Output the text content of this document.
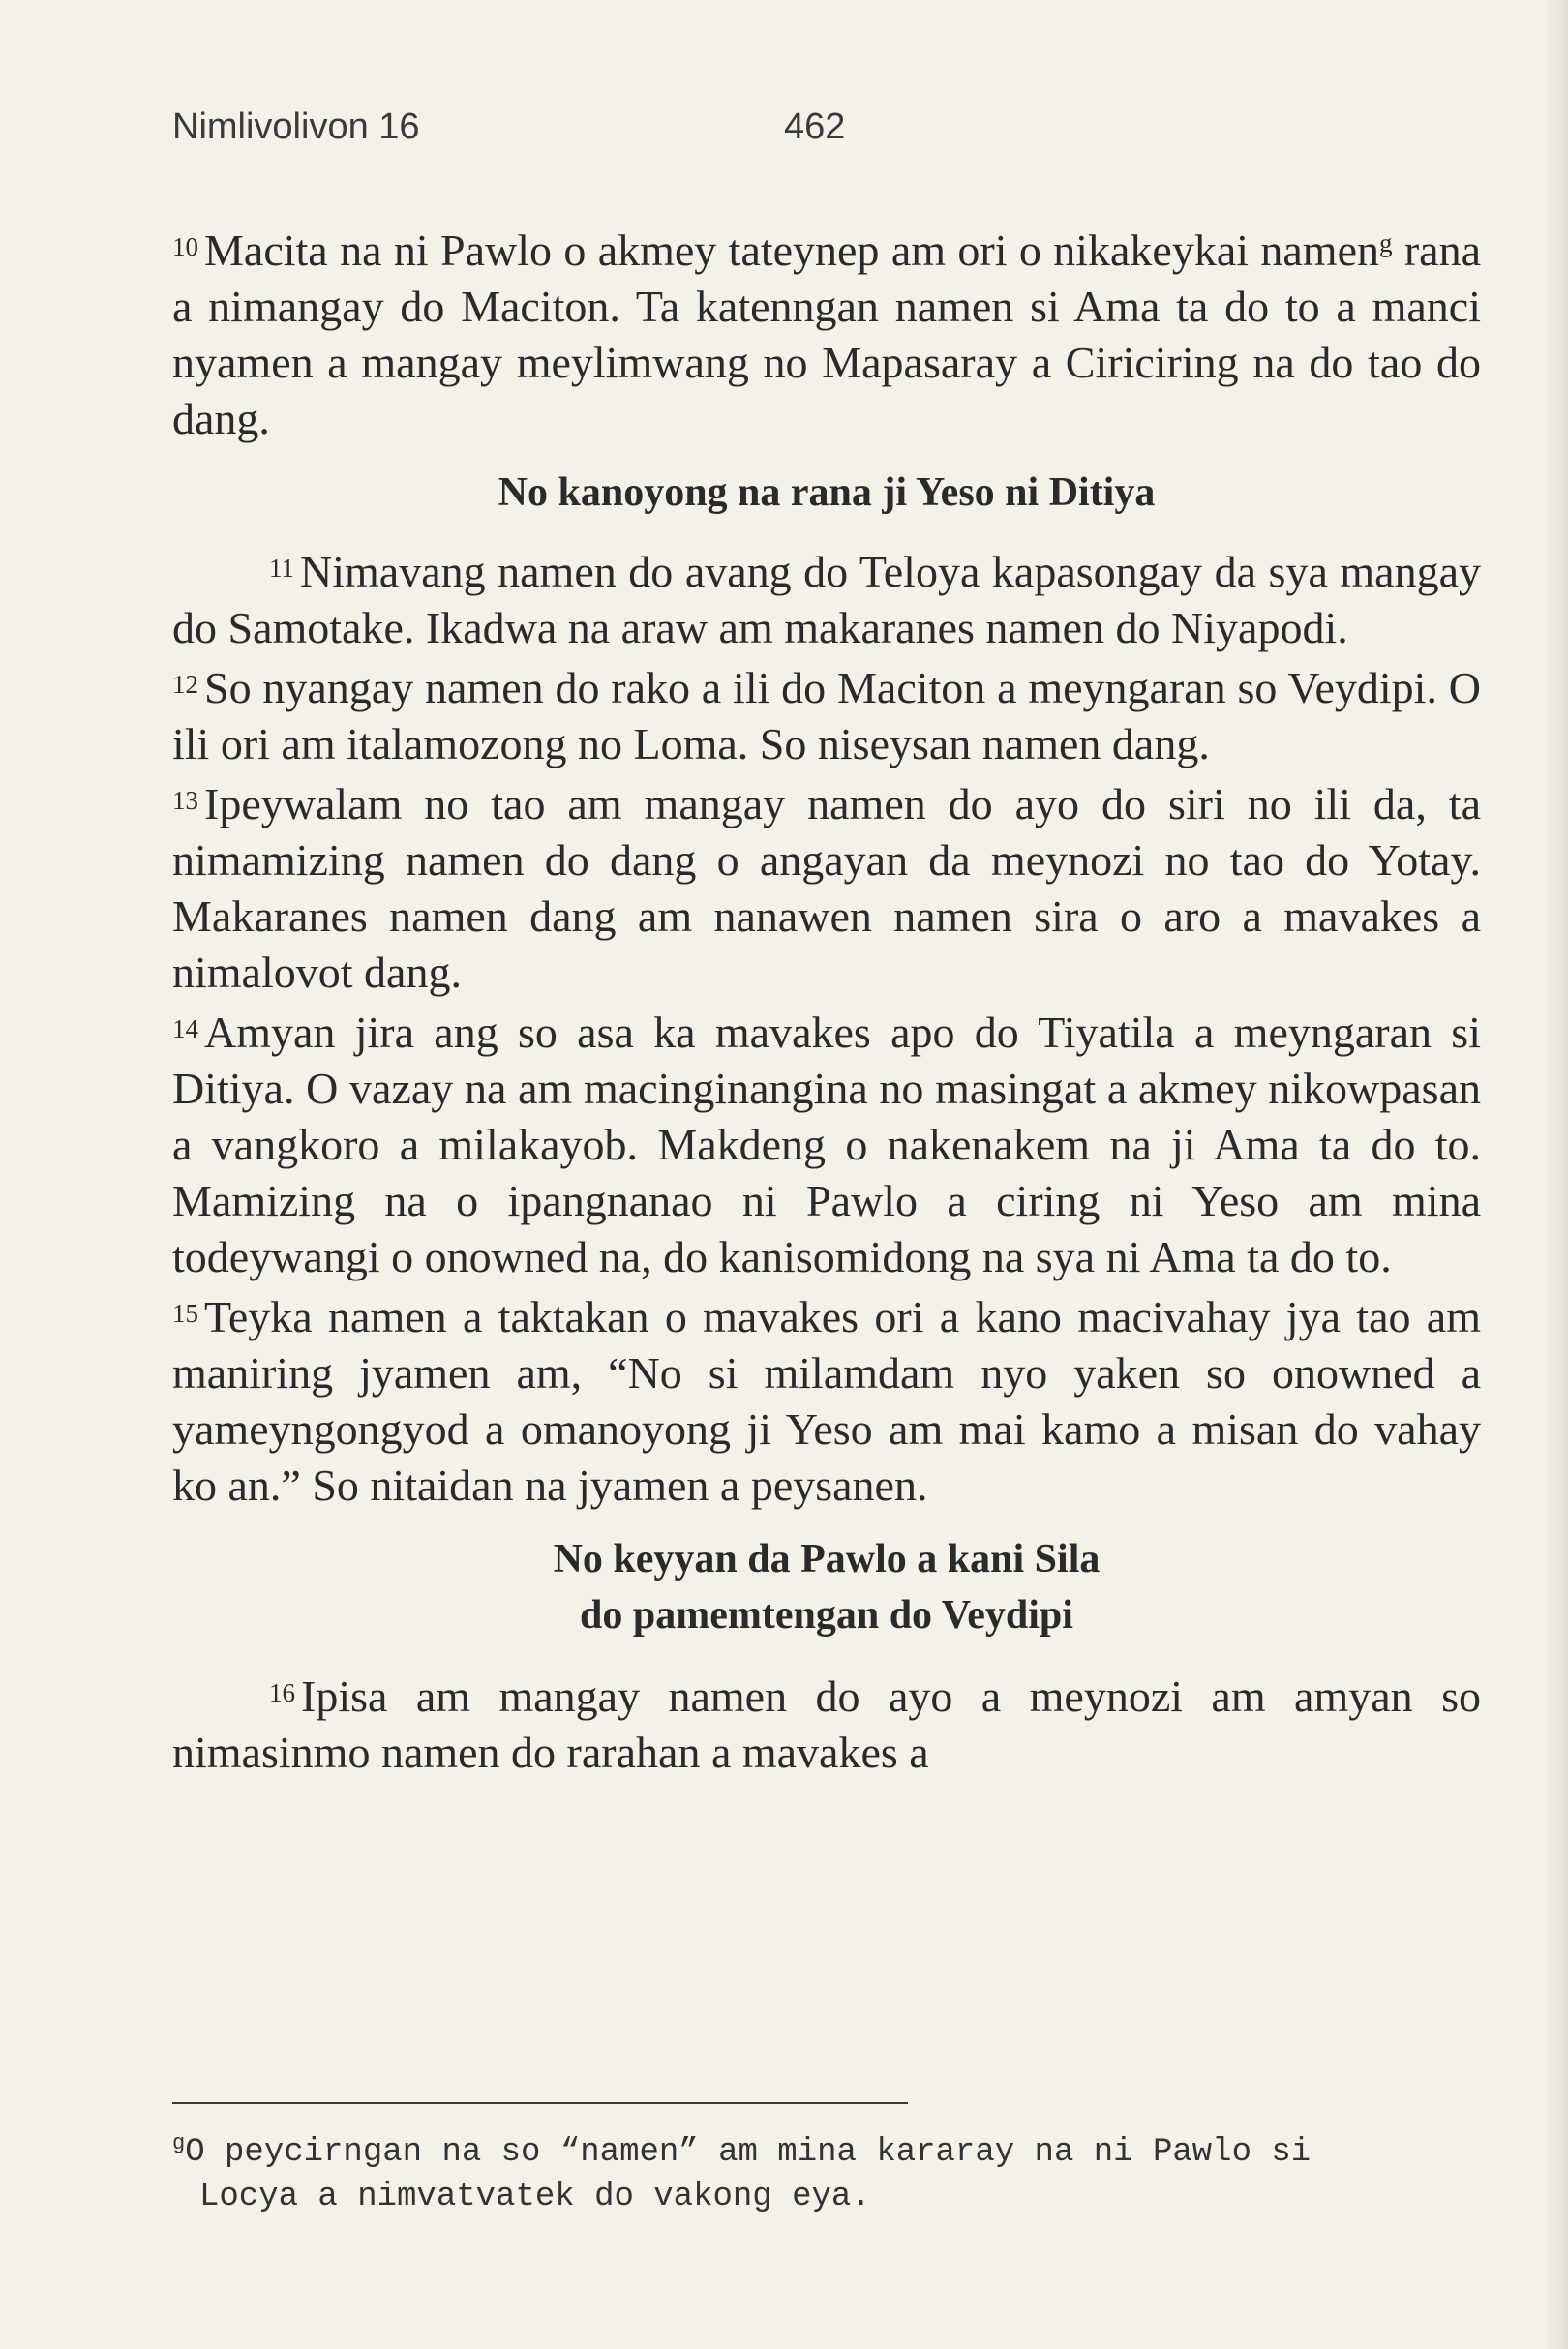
Nimlivolivon 16	462

$^{10}$ Macita na ni Pawlo o akmey tateynep am ori o nikakeykai namen$^g$ rana a nimangay do Maciton. Ta katenngan namen si Ama ta do to a manci nyamen a mangay meylimwang no Mapasaray a Ciriciring na do tao do dang.

No kanoyong na rana ji Yeso ni Ditiya

$^{11}$ Nimavang namen do avang do Teloya kapasongay da sya mangay do Samotake. Ikadwa na araw am makaranes namen do Niyapodi.

$^{12}$ So nyangay namen do rako a ili do Maciton a meyngaran so Veydipi. O ili ori am italamozong no Loma. So niseysan namen dang.

$^{13}$ Ipeywalam no tao am mangay namen do ayo do siri no ili da, ta nimamizing namen do dang o angayan da meynozi no tao do Yotay. Makaranes namen dang am nanawen namen sira o aro a mavakes a nimalovot dang.

$^{14}$ Amyan jira ang so asa ka mavakes apo do Tiyatila a meyngaran si Ditiya. O vazay na am macinginangina no masingat a akmey nikowpasan a vangkoro a milakayob. Makdeng o nakenakem na ji Ama ta do to. Mamizing na o ipangnanao ni Pawlo a ciring ni Yeso am mina todeywangi o onowned na, do kanisomidong na sya ni Ama ta do to.

$^{15}$ Teyka namen a taktakan o mavakes ori a kano macivahay jya tao am maniring jyamen am, “No si milamdam nyo yaken so onowned a yameyngongyod a omanoyong ji Yeso am mai kamo a misan do vahay ko an.” So nitaidan na jyamen a peysanen.

No keyyan da Pawlo a kani Sila
do pamemtengan do Veydipi

$^{16}$ Ipisa am mangay namen do ayo a meynozi am amyan so nimasinmo namen do rarahan a mavakes a

$^g$O peycirngan na so “namen” am mina kararay na ni Pawlo si
Locya a nimvatvatek do vakong eya.
